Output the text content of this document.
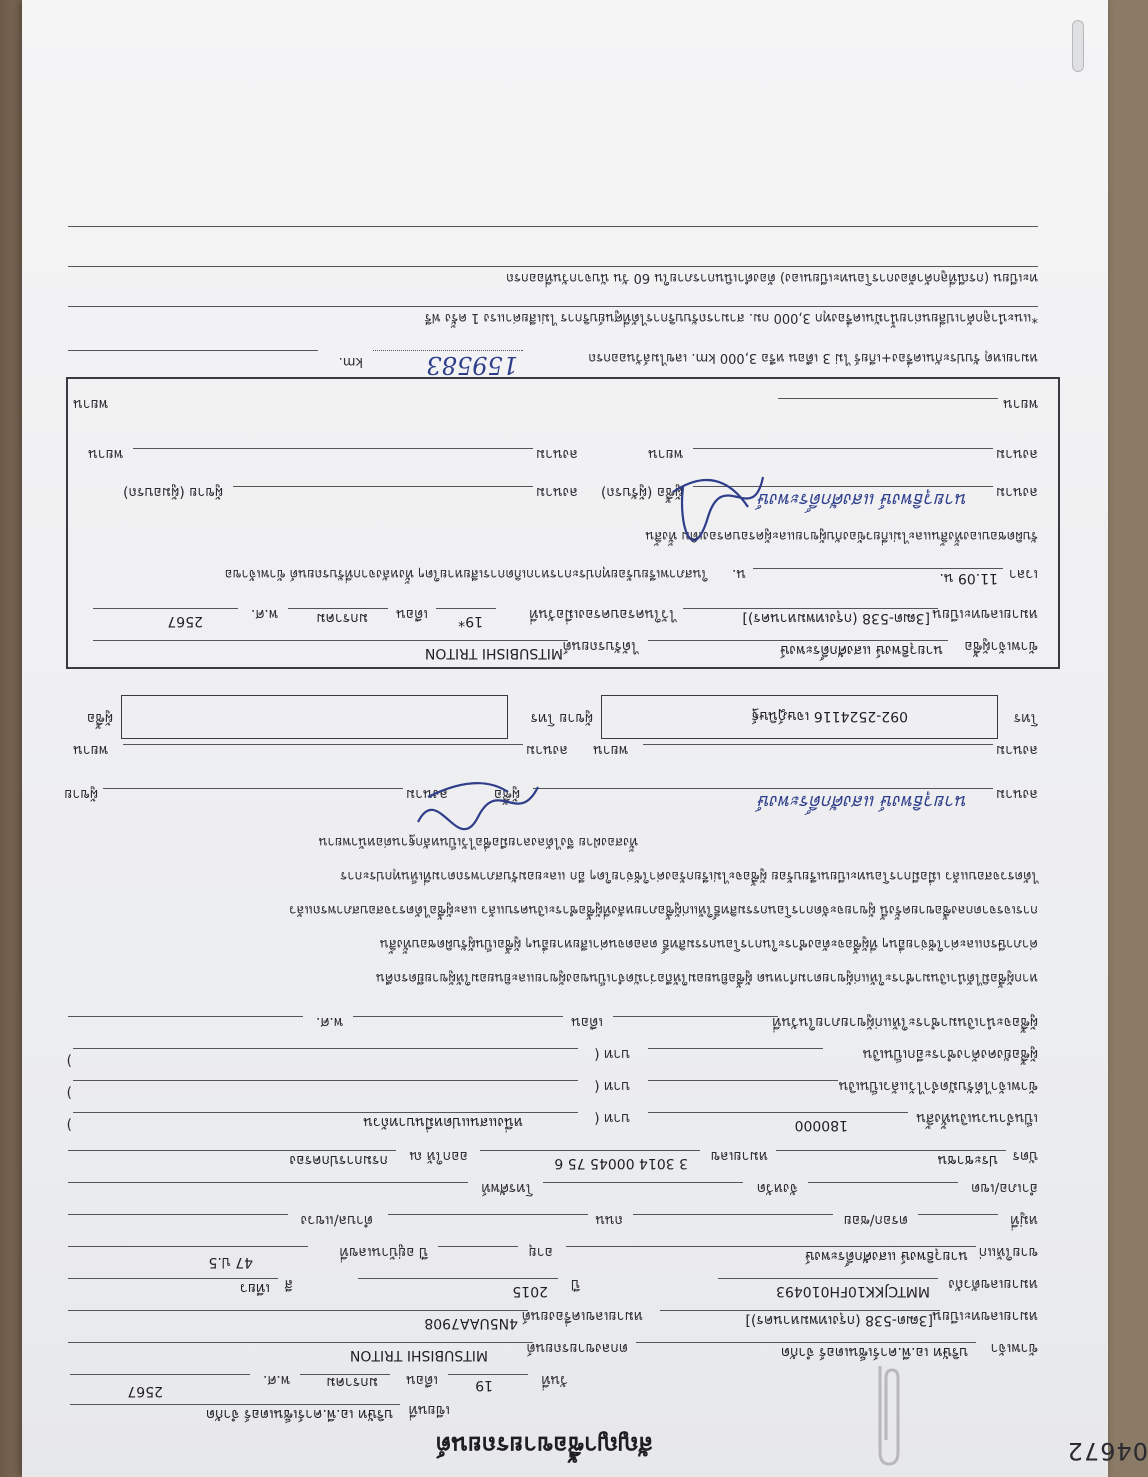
สัญญาซื้อขายรถยนต์	04672
เขียนที่
บริษัท เอ.พี.คาร์เซ็นเตอร์ จำกัด
วันที่
19
เดือน
มกราคม
พ.ศ.
2567
ข้าพเจ้า
บริษัท เอ.พี.คาร์เซ็นเตอร์ จำกัด
ตกลงขายรถยนต์
MITSUBISHI TRITON
หมายเลขทะเบียน
[3ฒต-538 (กรุงเทพมหานคร)]
หมายเลขเครื่องยนต์
4N5UAA7908
หมายเลขตัวถัง
MMTCJKK10FH010493
ปี
2015
สี
เทียว
ขายให้แก่
นายวุธิพงษ์ แสงศักดิ์ระพงษ์
อายุ
ปี อยู่บ้านเลขที่
47 ป.5
หมู่ที่
ตรอก/ซอย
ถนน
ตำบล/แขวง
อำเภอ/เขต
จังหวัด
โทรศัพท์
บัตร
ประชาชน
หมายเลข
3 3014 00045 75 6
ออกให้ ณ
กรมการปกครอง
เป็นจำนวนเงินทั้งสิ้น
180000
บาท (
หนึ่งแสนแปดหมื่นบาทถ้วน
)
ข้าพเจ้าได้รับมัดจำไว้แล้วเป็นเงิน
บาท (
)
ผู้ซื้อยังคงค้างชำระอีกเป็นเงิน
บาท (
)
ผู้ซื้อจะนำเงินมาชำระให้แก่ผู้ขายภายในวันที่
เดือน
พ.ศ.
หากผู้ซื้อมิได้นำเงินมาชำระให้แก่ผู้ขายตามกำหนด ผู้ซื้อยินยอมให้ถือว่ามัดจำเป็นของผู้ขายและยินยอมให้ผู้ขายยึดรถคืน
ค่าภาษีรถและค่าใช้จ่ายอื่นๆ ที่ผู้ซื้อจะต้องชำระในการโอนกรรมสิทธิ์ ตลอดจนค่าเสียหายอื่นๆ ผู้ซื้อเป็นผู้รับผิดชอบทั้งสิ้น
การเจรจาตกลงซื้อขายครั้งนี้ ผู้ขายจะจัดการโอนกรรมสิทธิ์ให้แก่ผู้ซื้อภายหลังที่ผู้ซื้อชำระเงินครบแล้ว และผู้ซื้อได้ตรวจสอบสภาพรถแล้ว
ได้ตรวจสอบแล้ว เมื่อมีการโอนทะเบียนเรียบร้อย ผู้ซื้อจะไม่เรียกร้องค่าใช้จ่ายใดๆ อีก และยอมรับสภาพรถตามที่เห็นทุกประการ
ทั้งสองฝ่าย จึงได้ลงลายมือชื่อไว้เป็นหลักฐานต่อหน้าพยาน
ลงนาม
นายวุธิพงษ์ แสงศักดิ์ระพงษ์
ผู้ซื้อ
ลงนาม
ผู้ขาย
ลงนาม
พยาน
ลงนาม
พยาน
โทร
092-2524116 เจษฎ์นิษฐ์
ผู้ขาย โทร
ผู้ซื้อ
ข้าพเจ้าผู้ซื้อ
นายวุธิพงษ์ แสงศักดิ์ระพงษ์
ได้รับรถยนต์
MITSUBISHI TRITON
หมายเลขทะเบียน
[3ฒต-538 (กรุงเทพมหานคร)]
ไว้ในครอบครองเมื่อวันที่
19*
เดือน
มกราคม
พ.ศ.
2567
เวลา
11.09 น.
น.
ในสภาพเรียบร้อยทุกประการหากเกิดการเสียหายใดๆ ทั้งหลังจากที่รับรถยนต์ ข้าพเจ้าขอ
รับผิดชอบเองทั้งสิ้นและไม่เกี่ยวข้องกับผู้ขายและผู้ครอบครองเดิม ทั้งสิ้น
ลงนาม
นายวุธิพงษ์ แสงศักดิ์ระพงษ์
ผู้ซื้อ (ผู้รับรถ)
ลงนาม
ผู้ขาย (ผู้มอบรถ)
ลงนาม
พยาน
ลงนาม
พยาน
พยาน
พยาน
หมายเหตุ รับประกันเครื่อง+เกียร์ ไม่ 3 เดือน หรือ 3,000 km. เลขไมล์วันออกรถ
159583
km.
*แนะนำลูกค้าเปลี่ยนถ่ายน้ำมันเครื่องทุก 3,000 กม. สามารถรับบริการได้ที่ศูนย์บริการ ไม่เสียค่าแรง 1 ครั้ง ฟรี
ทะเบียน (กรณีที่ลูกค้าต้องการโอนทะเบียนเอง) ต้องดำเนินการภายใน 60 วัน นับจากวันที่ออกรถ
